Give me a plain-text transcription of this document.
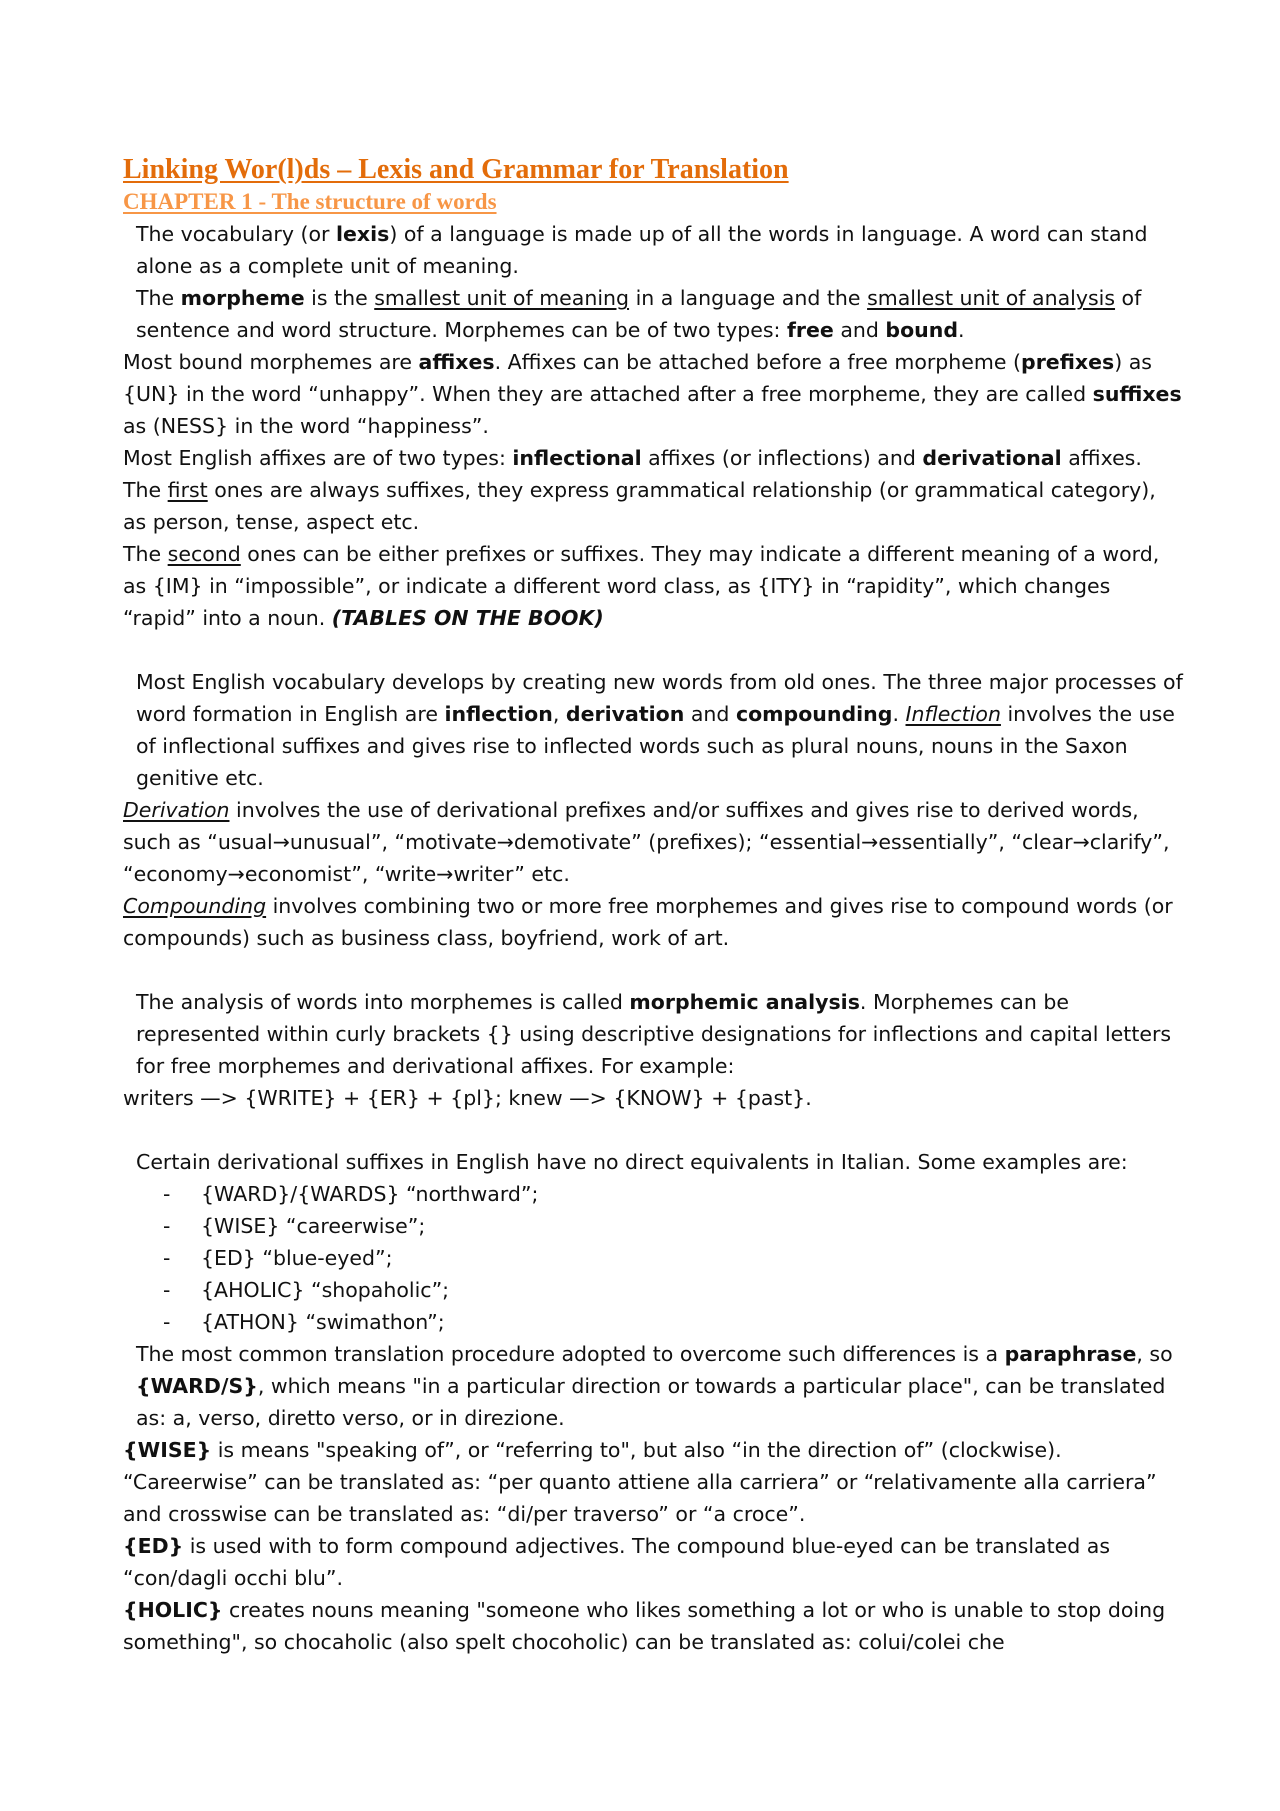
Linking Wor(l)ds – Lexis and Grammar for Translation
CHAPTER 1 - The structure of words

The vocabulary (or lexis) of a language is made up of all the words in language. A word can stand alone as a complete unit of meaning.

The morpheme is the smallest unit of meaning in a language and the smallest unit of analysis of sentence and word structure. Morphemes can be of two types: free and bound.

Most bound morphemes are affixes. Affixes can be attached before a free morpheme (prefixes) as {UN} in the word “unhappy”. When they are attached after a free morpheme, they are called suffixes as (NESS} in the word “happiness”.

Most English affixes are of two types: inflectional affixes (or inflections) and derivational affixes.

The first ones are always suffixes, they express grammatical relationship (or grammatical category), as person, tense, aspect etc.

The second ones can be either prefixes or suffixes. They may indicate a different meaning of a word, as {IM} in “impossible”, or indicate a different word class, as {ITY} in “rapidity”, which changes “rapid” into a noun. (TABLES ON THE BOOK)

Most English vocabulary develops by creating new words from old ones. The three major processes of word formation in English are inflection, derivation and compounding. Inflection involves the use of inflectional suffixes and gives rise to inflected words such as plural nouns, nouns in the Saxon genitive etc.

Derivation involves the use of derivational prefixes and/or suffixes and gives rise to derived words, such as “usual→unusual”, “motivate→demotivate” (prefixes); “essential→essentially”, “clear→clarify”, “economy→economist”, “write→writer” etc.

Compounding involves combining two or more free morphemes and gives rise to compound words (or compounds) such as business class, boyfriend, work of art.

The analysis of words into morphemes is called morphemic analysis. Morphemes can be represented within curly brackets {} using descriptive designations for inflections and capital letters for free morphemes and derivational affixes. For example:

writers —> {WRITE} + {ER} + {pl}; knew —> {KNOW} + {past}.

Certain derivational suffixes in English have no direct equivalents in Italian. Some examples are:

- {WARD}/{WARDS} “northward”;
- {WISE} “careerwise”;
- {ED} “blue-eyed”;
- {AHOLIC} “shopaholic”;
- {ATHON} “swimathon”;

The most common translation procedure adopted to overcome such differences is a paraphrase, so {WARD/S}, which means "in a particular direction or towards a particular place", can be translated as: a, verso, diretto verso, or in direzione.

{WISE} is means "speaking of”, or “referring to", but also “in the direction of” (clockwise). “Careerwise” can be translated as: “per quanto attiene alla carriera” or “relativamente alla carriera” and crosswise can be translated as: “di/per traverso” or “a croce”.

{ED} is used with to form compound adjectives. The compound blue-eyed can be translated as “con/dagli occhi blu”.

{HOLIC} creates nouns meaning "someone who likes something a lot or who is unable to stop doing something", so chocaholic (also spelt chocoholic) can be translated as: colui/colei che
